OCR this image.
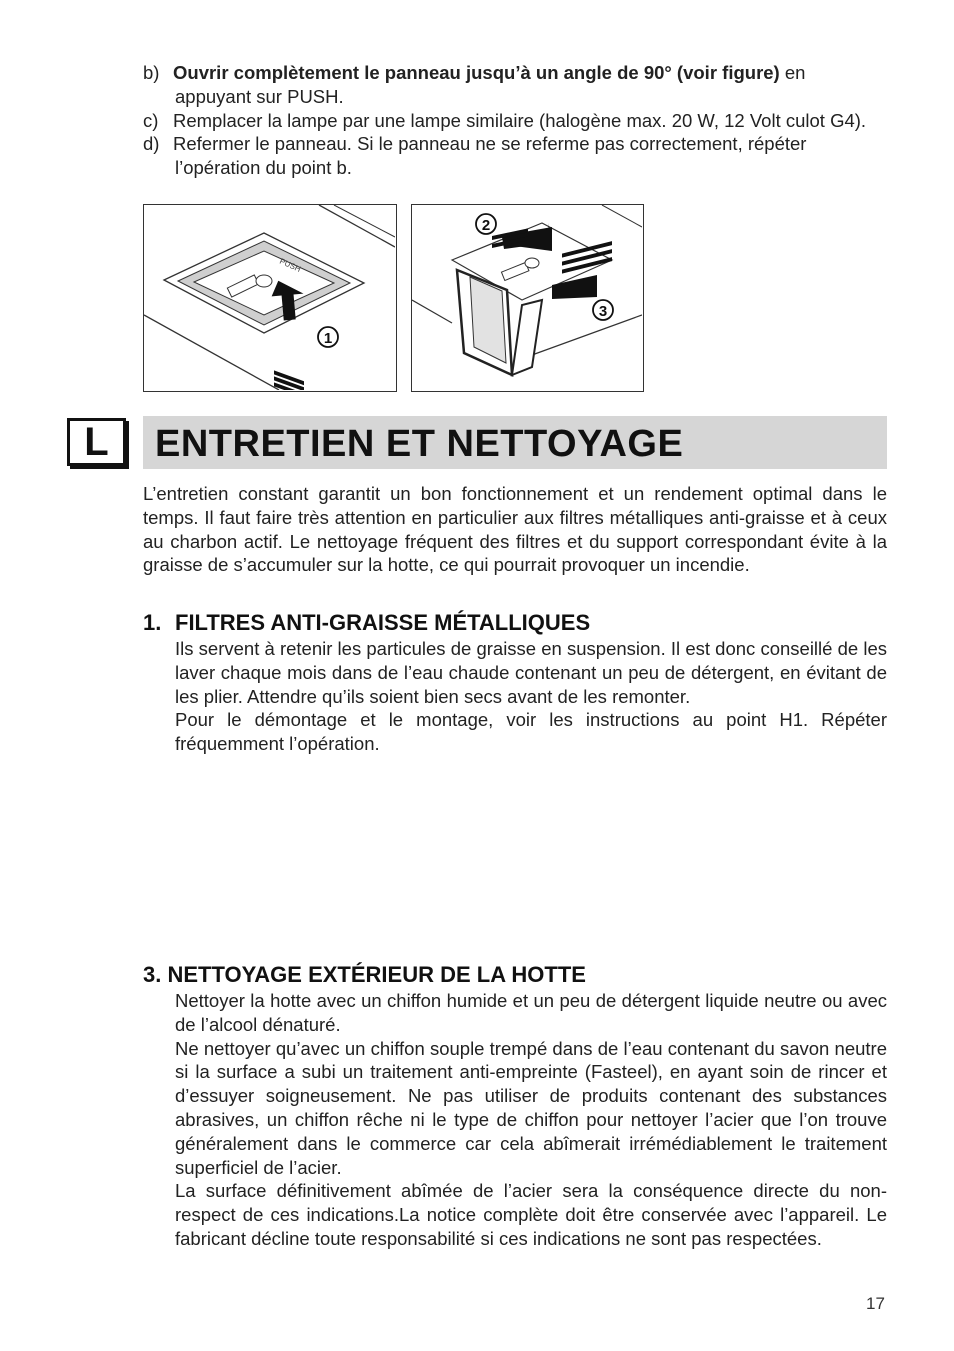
b) Ouvrir complètement le panneau jusqu’à un angle de 90° (voir figure) en appuyant sur PUSH.

c) Remplacer la lampe par une lampe similaire (halogène max. 20 W, 12 Volt culot G4).

d) Refermer le panneau. Si le panneau ne se referme pas correctement, répéter l’opération du point b.

PUSH
1
2
3
L	ENTRETIEN ET NETTOYAGE
L’entretien constant garantit un bon fonctionnement et un rendement optimal dans le temps. Il faut faire très attention en particulier aux filtres métalliques anti-graisse et à ceux au charbon actif. Le nettoyage fréquent des filtres et du support correspondant évite à la graisse de s’accumuler sur la hotte, ce qui pourrait provoquer un incendie.
1. FILTRES ANTI-GRAISSE MÉTALLIQUES

Ils servent à retenir les particules de graisse en suspension. Il est donc conseillé de les laver chaque mois dans de l’eau chaude contenant un peu de détergent, en évitant de les plier. Attendre qu’ils soient bien secs avant de les remonter.

Pour le démontage et le montage, voir les instructions au point H1. Répéter fréquemment l’opération.

3. NETTOYAGE EXTÉRIEUR DE LA HOTTE

Nettoyer la hotte avec un chiffon humide et un peu de détergent liquide neutre ou avec de l’alcool dénaturé.

Ne nettoyer qu’avec un chiffon souple trempé dans de l’eau contenant du savon neutre si la surface a subi un traitement anti-empreinte (Fasteel), en ayant soin de rincer et d’essuyer soigneusement. Ne pas utiliser de produits contenant des substances abrasives, un chiffon rêche ni le type de chiffon pour nettoyer l’acier que l’on trouve généralement dans le commerce car cela abîmerait irrémédiablement le traitement superficiel de l’acier.

La surface définitivement abîmée de l’acier sera la conséquence directe du non-respect de ces indications.La notice complète doit être conservée avec l’appareil. Le fabricant décline toute responsabilité si ces indications ne sont pas respectées.

17
